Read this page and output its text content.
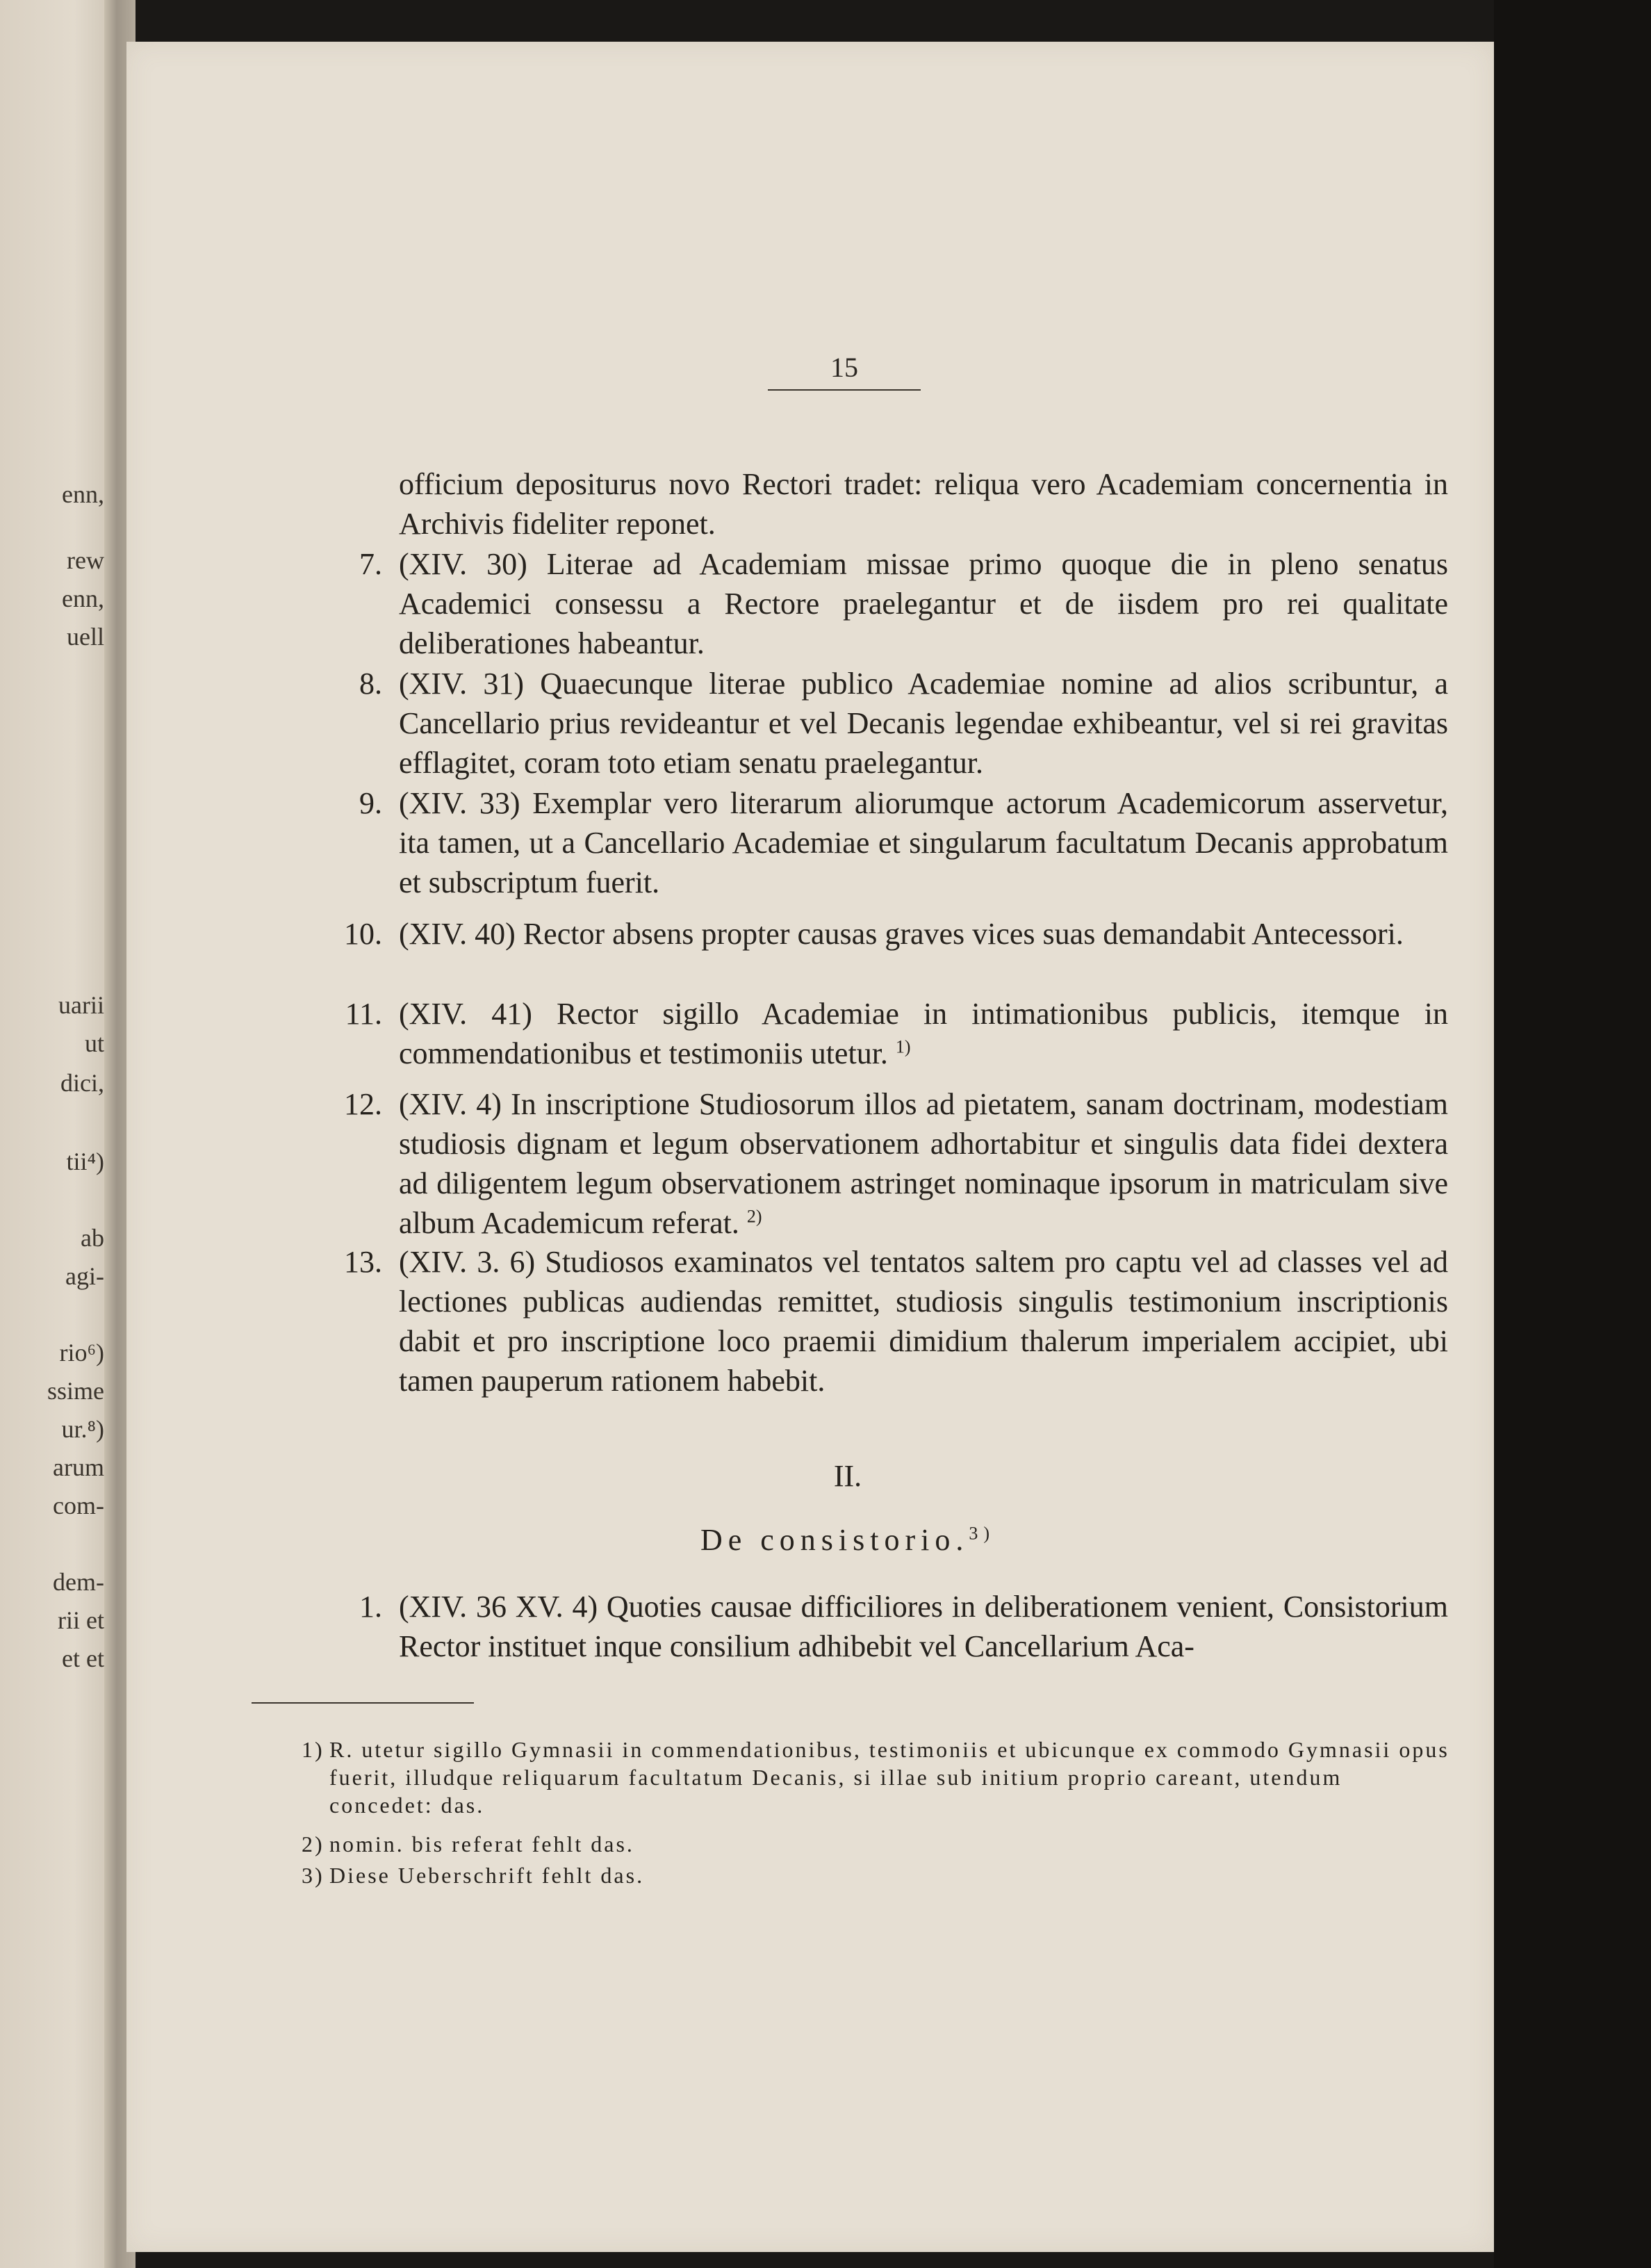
enn,
rew
enn,
uell
uarii
ut
dici,
tii⁴)
ab
agi-
rio⁶)
ssime
ur.⁸)
arum
com-
dem-
rii et
et et
15
officium depositurus novo Rectori tradet: reliqua vero Academiam concernentia in Archivis fideliter reponet.
7. (XIV. 30) Literae ad Academiam missae primo quoque die in pleno senatus Academici consessu a Rectore praelegantur et de iisdem pro rei qualitate deliberationes habeantur.
8. (XIV. 31) Quaecunque literae publico Academiae nomine ad alios scribuntur, a Cancellario prius revideantur et vel Decanis legendae exhibeantur, vel si rei gravitas efflagitet, coram toto etiam senatu praelegantur.
9. (XIV. 33) Exemplar vero literarum aliorumque actorum Academicorum asservetur, ita tamen, ut a Cancellario Academiae et singularum facultatum Decanis approbatum et subscriptum fuerit.
10. (XIV. 40) Rector absens propter causas graves vices suas demandabit Antecessori.
11. (XIV. 41) Rector sigillo Academiae in intimationibus publicis, itemque in commendationibus et testimoniis utetur. $^{1)}$
12. (XIV. 4) In inscriptione Studiosorum illos ad pietatem, sanam doctrinam, modestiam studiosis dignam et legum observationem adhortabitur et singulis data fidei dextera ad diligentem legum observationem astringet nominaque ipsorum in matriculam sive album Academicum referat. $^{2)}$
13. (XIV. 3. 6) Studiosos examinatos vel tentatos saltem pro captu vel ad classes vel ad lectiones publicas audiendas remittet, studiosis singulis testimonium inscriptionis dabit et pro inscriptione loco praemii dimidium thalerum imperialem accipiet, ubi tamen pauperum rationem habebit.
II.
De consistorio.$^{3)}$
1. (XIV. 36 XV. 4) Quoties causae difficiliores in deliberationem venient, Consistorium Rector instituet inque consilium adhibebit vel Cancellarium Aca-
1) R. utetur sigillo Gymnasii in commendationibus, testimoniis et ubicunque ex commodo Gymnasii opus fuerit, illudque reliquarum facultatum Decanis, si illae sub initium proprio careant, utendum concedet: das.
2) nomin. bis referat fehlt das.
3) Diese Ueberschrift fehlt das.
